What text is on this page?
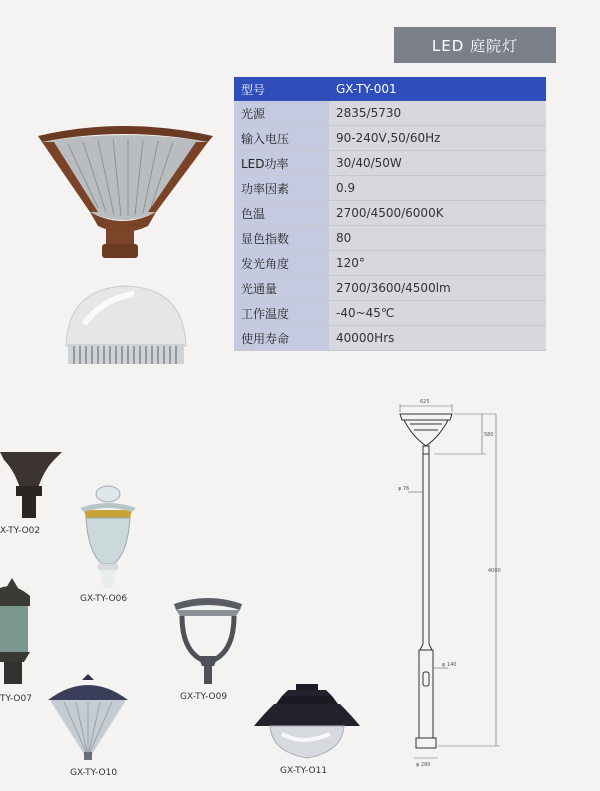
LED 庭院灯
型号	GX-TY-001
光源	2835/5730
输入电压	90-240V,50/60Hz
LED功率	30/40/50W
功率因素	0.9
色温	2700/4500/6000K
显色指数	80
发光角度	120°
光通量	2700/3600/4500lm
工作温度	-40~45℃
使用寿命	40000Hrs
X-TY-O02
GX-TY-O06
TY-O07	GX-TY-O09
GX-TY-O10	GX-TY-O11
625
580
φ 76
4000
φ 140
φ 280
